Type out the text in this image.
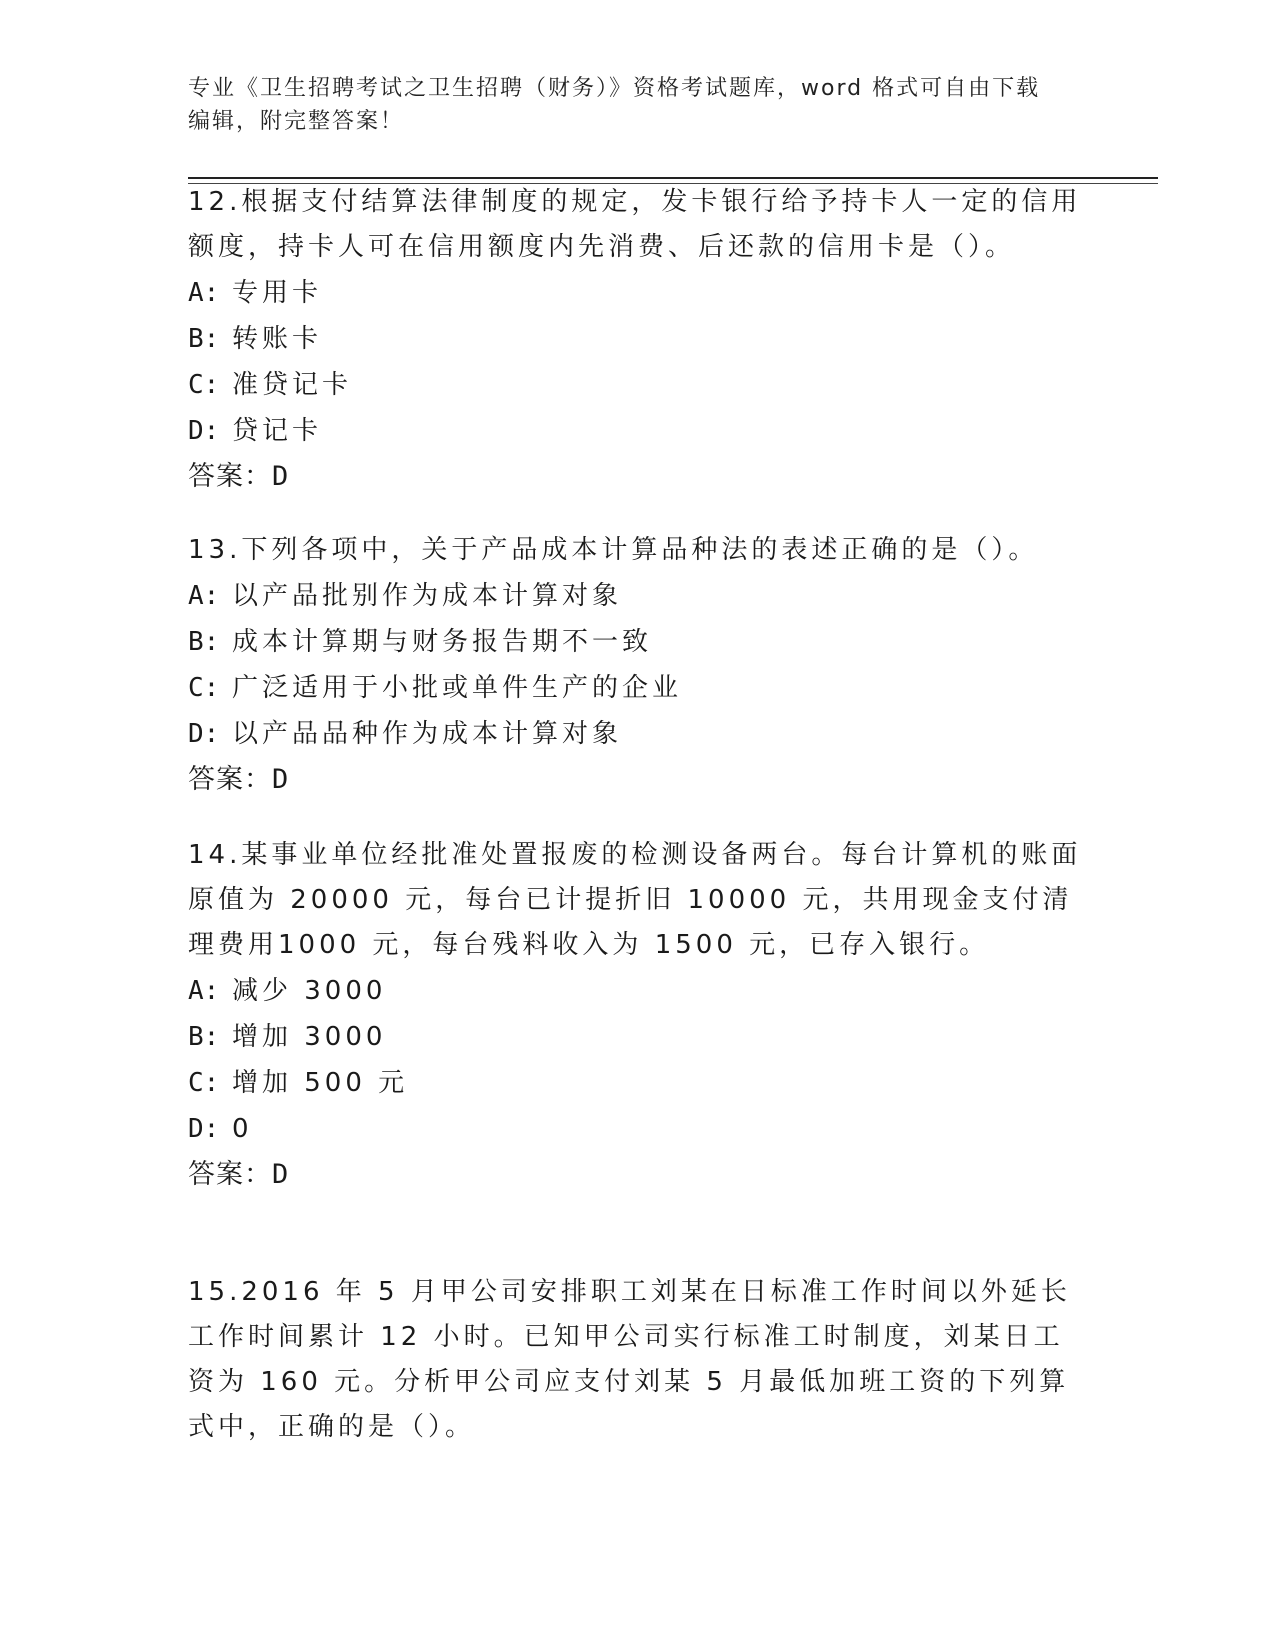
专业《卫生招聘考试之卫生招聘（财务）》资格考试题库，word 格式可自由下载
编辑，附完整答案！

12.根据支付结算法律制度的规定，发卡银行给予持卡人一定的信用额度，持卡人可在信用额度内先消费、后还款的信用卡是（）。

A: 专用卡

B: 转账卡

C: 准贷记卡

D: 贷记卡

答案：D

13.下列各项中，关于产品成本计算品种法的表述正确的是（）。

A: 以产品批别作为成本计算对象

B: 成本计算期与财务报告期不一致

C: 广泛适用于小批或单件生产的企业

D: 以产品品种作为成本计算对象

答案：D

14.某事业单位经批准处置报废的检测设备两台。每台计算机的账面原值为 20000 元，每台已计提折旧 10000 元，共用现金支付清理费用1000 元，每台残料收入为 1500 元，已存入银行。

A: 减少 3000

B: 增加 3000

C: 增加 500 元

D: 0

答案：D

15.2016 年 5 月甲公司安排职工刘某在日标准工作时间以外延长工作时间累计 12 小时。已知甲公司实行标准工时制度，刘某日工资为 160 元。分析甲公司应支付刘某 5 月最低加班工资的下列算式中，正确的是（）。
